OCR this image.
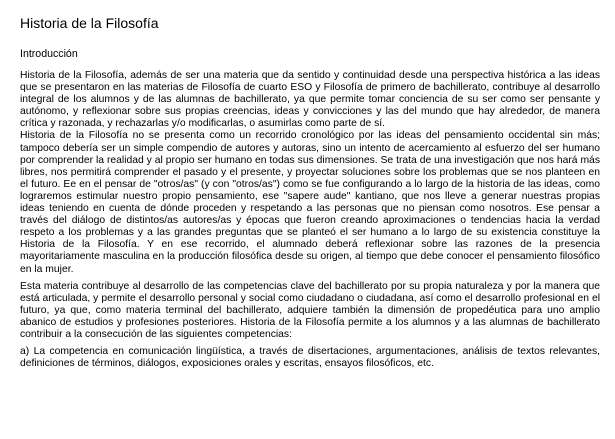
Historia de la Filosofía
Introducción

Historia de la Filosofía, además de ser una materia que da sentido y continuidad desde una perspectiva histórica a las ideas que se presentaron en las materias de Filosofía de cuarto ESO y Filosofía de primero de bachillerato, contribuye al desarrollo integral de los alumnos y de las alumnas de bachillerato, ya que permite tomar conciencia de su ser como ser pensante y autónomo, y reflexionar sobre sus propias creencias, ideas y convicciones y las del mundo que hay alrededor, de manera crítica y razonada, y rechazarlas y/o modificarlas, o asumirlas como parte de sí.

Historia de la Filosofía no se presenta como un recorrido cronológico por las ideas del pensamiento occidental sin más; tampoco debería ser un simple compendio de autores y autoras, sino un intento de acercamiento al esfuerzo del ser humano por comprender la realidad y al propio ser humano en todas sus dimensiones. Se trata de una investigación que nos hará más libres, nos permitirá comprender el pasado y el presente, y proyectar soluciones sobre los problemas que se nos planteen en el futuro. Ee en el pensar de "otros/as" (y con "otros/as") como se fue configurando a lo largo de la historia de las ideas, como lograremos estimular nuestro propio pensamiento, ese "sapere aude" kantiano, que nos lleve a generar nuestras propias ideas teniendo en cuenta de dónde proceden y respetando a las personas que no piensan como nosotros. Ese pensar a través del diálogo de distintos/as autores/as y épocas que fueron creando aproximaciones o tendencias hacia la verdad respeto a los problemas y a las grandes preguntas que se planteó el ser humano a lo largo de su existencia constituye la Historia de la Filosofía. Y en ese recorrido, el alumnado deberá reflexionar sobre las razones de la presencia mayoritariamente masculina en la producción filosófica desde su origen, al tiempo que debe conocer el pensamiento filosófico en la mujer.

Esta materia contribuye al desarrollo de las competencias clave del bachillerato por su propia naturaleza y por la manera que está articulada, y permite el desarrollo personal y social como ciudadano o ciudadana, así como el desarrollo profesional en el futuro, ya que, como materia terminal del bachillerato, adquiere también la dimensión de propedéutica para uno amplio abanico de estudios y profesiones posteriores. Historia de la Filosofía permite a los alumnos y a las alumnas de bachillerato contribuir a la consecución de las siguientes competencias:

a) La competencia en comunicación lingüística, a través de disertaciones, argumentaciones, análisis de textos relevantes, definiciones de términos, diálogos, exposiciones orales y escritas, ensayos filosóficos, etc.
